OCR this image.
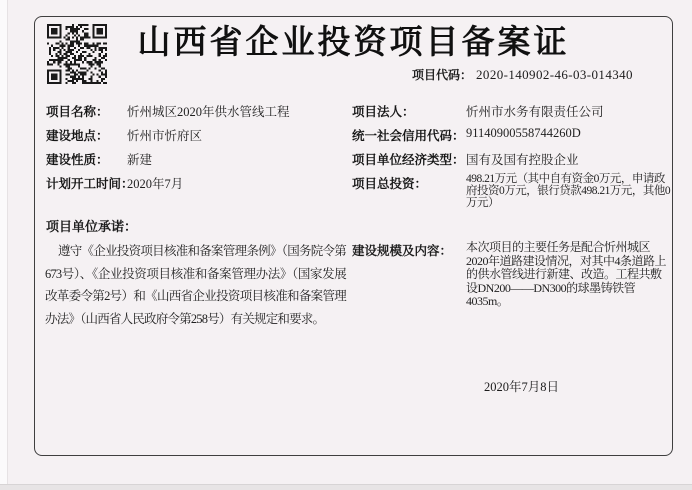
山西省企业投资项目备案证
项目代码： 2020-140902-46-03-014340
项目名称： 忻州城区2020年供水管线工程
建设地点： 忻州市忻府区
建设性质： 新建
计划开工时间：
2020年7月
项目法人：	忻州市水务有限责任公司
统一社会信用代码： 91140900558744260D
项目单位经济类型： 国有及国有控股企业
项目总投资：	498.21万元（其中自有资金0万元，申请政府投资0万元，银行贷款498.21万元，其他0万元）
项目单位承诺：
遵守《企业投资项目核准和备案管理条例》（国务院令第673号）、《企业投资项目核准和备案管理办法》（国家发展改革委令第2号）和《山西省企业投资项目核准和备案管理办法》（山西省人民政府令第258号）有关规定和要求。
建设规模及内容： 本次项目的主要任务是配合忻州城区2020年道路建设情况，对其中4条道路上的供水管线进行新建、改造。工程共敷设DN200——DN300的球墨铸铁管4035m。
2020年7月8日
